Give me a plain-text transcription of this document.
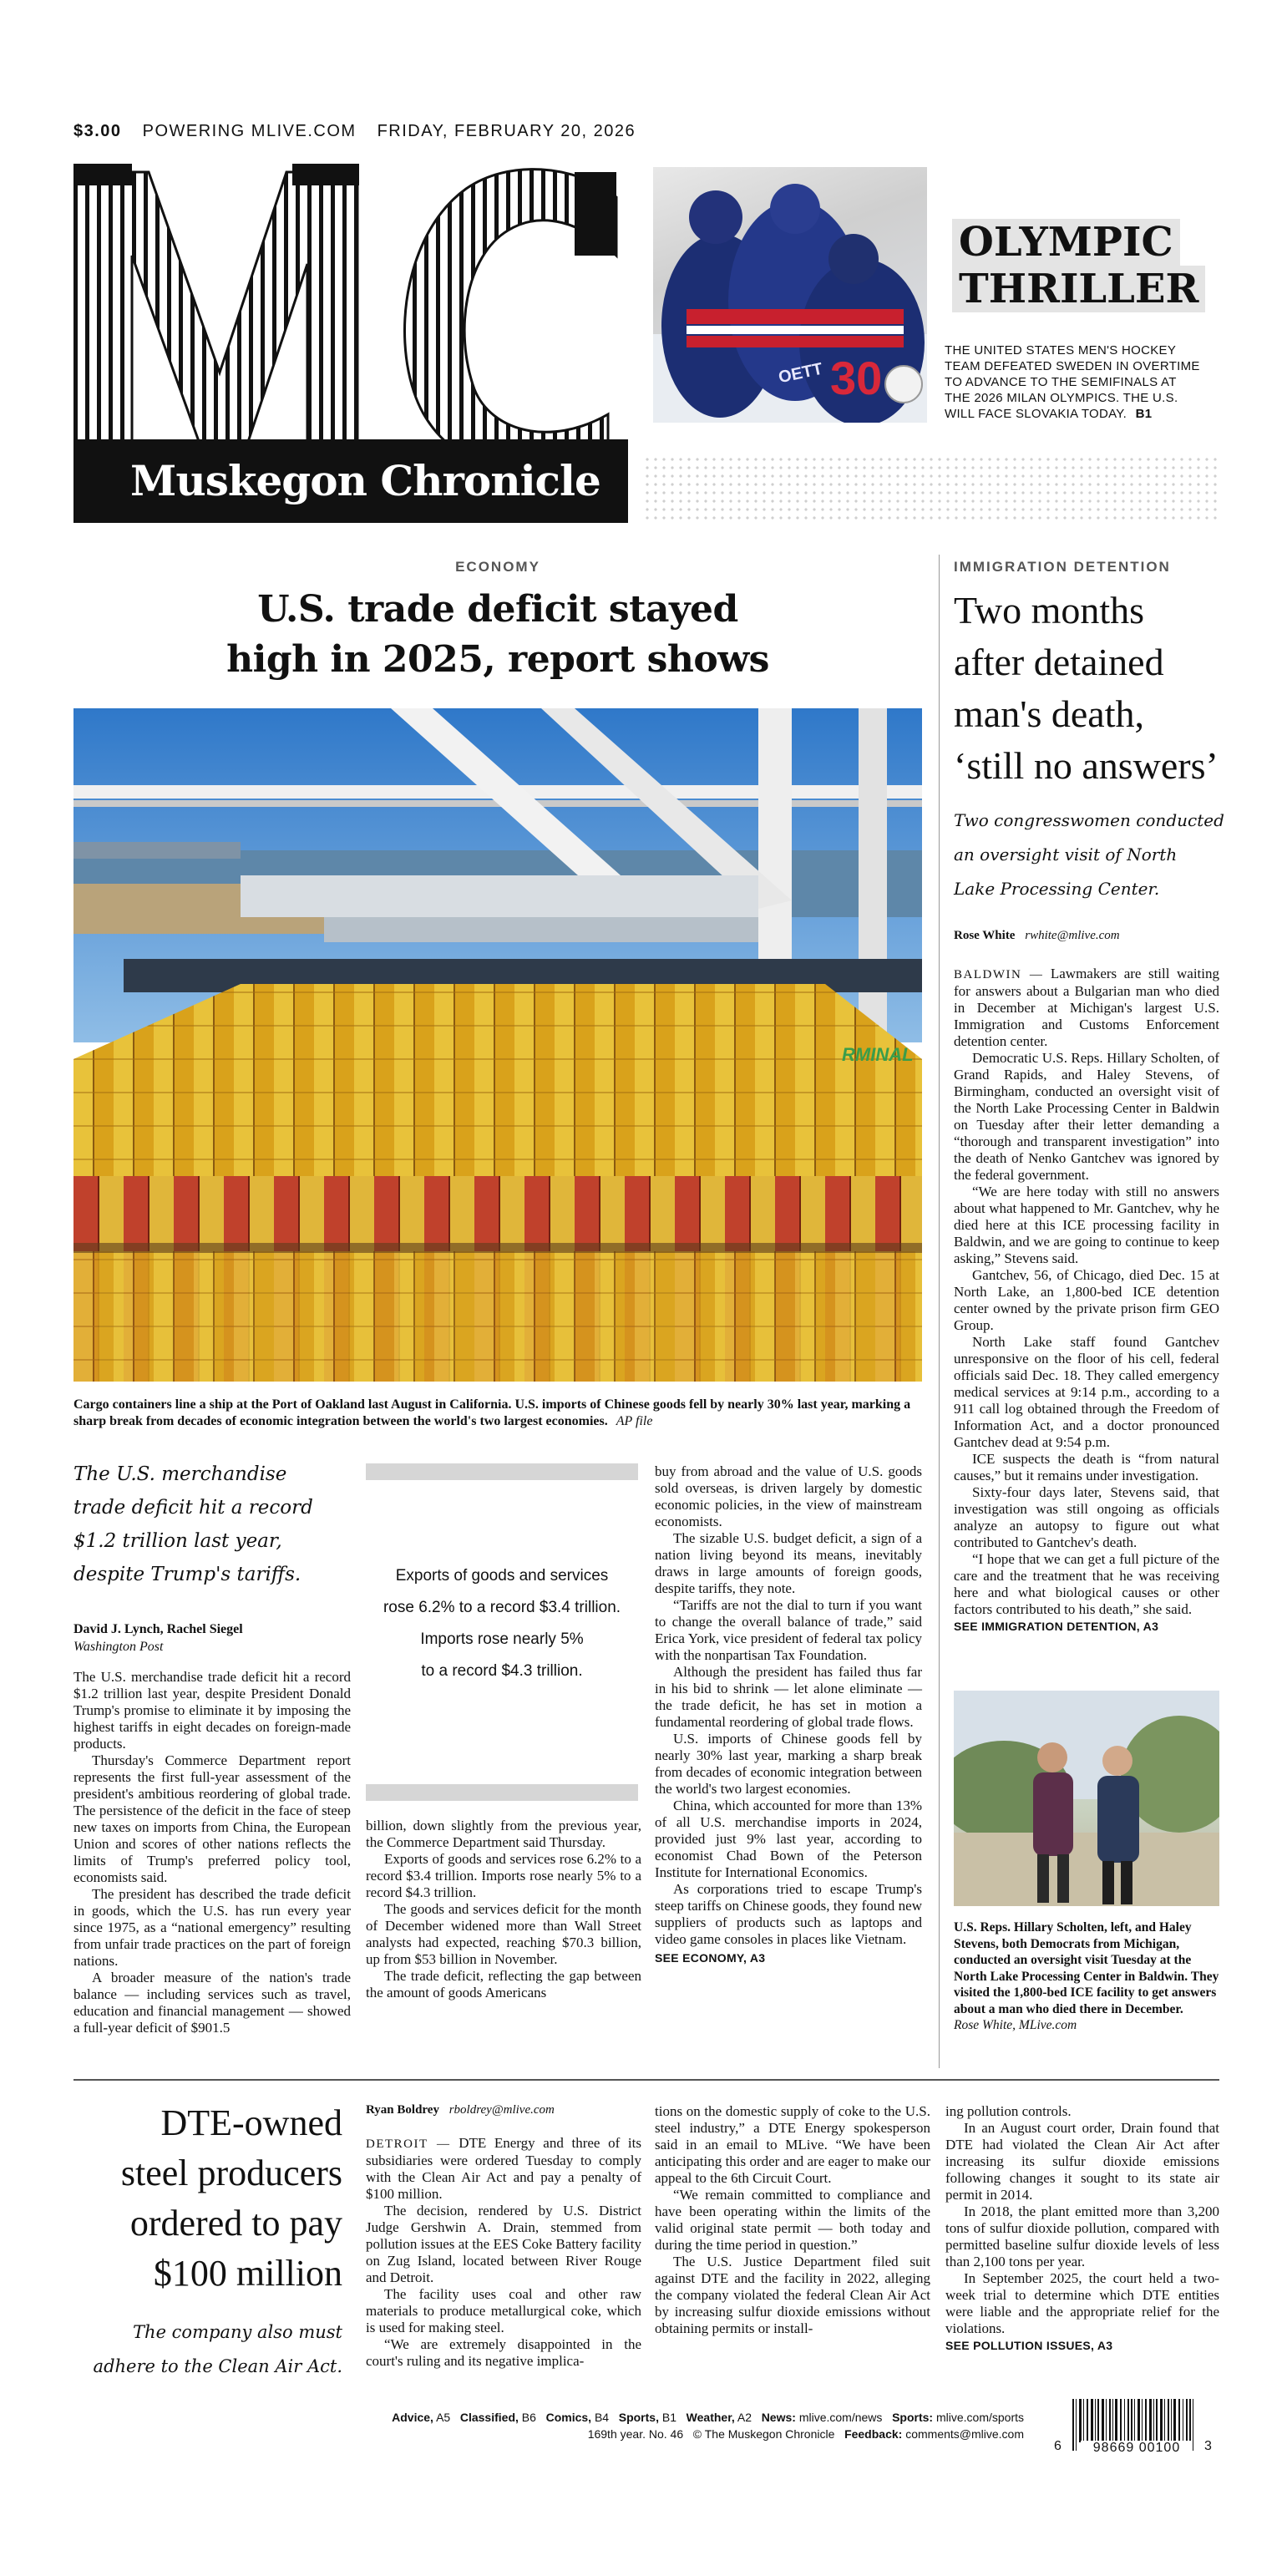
$3.00 POWERING MLIVE.COM FRIDAY, FEBRUARY 20, 2026
Muskegon Chronicle
30
OETT
OLYMPIC
THRILLER
THE UNITED STATES MEN'S HOCKEY TEAM DEFEATED SWEDEN IN OVERTIME TO ADVANCE TO THE SEMIFINALS AT THE 2026 MILAN OLYMPICS. THE U.S. WILL FACE SLOVAKIA TODAY. B1
ECONOMY
U.S. trade deficit stayed
high in 2025, report shows
RMINAL
Cargo containers line a ship at the Port of Oakland last August in California. U.S. imports of Chinese goods fell by nearly 30% last year, marking a sharp break from decades of economic integration between the world's two largest economies. AP file
The U.S. merchandise
trade deficit hit a record
$1.2 trillion last year,
despite Trump's tariffs.
David J. Lynch, Rachel Siegel
Washington Post

The U.S. merchandise trade deficit hit a record $1.2 trillion last year, despite President Donald Trump's promise to eliminate it by imposing the highest tariffs in eight decades on foreign-made products.

Thursday's Commerce Department report represents the first full-year assessment of the president's ambitious reordering of global trade. The persistence of the deficit in the face of steep new taxes on imports from China, the European Union and scores of other nations reflects the limits of Trump's preferred policy tool, economists said.

The president has described the trade deficit in goods, which the U.S. has run every year since 1975, as a “national emergency” resulting from unfair trade practices on the part of foreign nations.

A broader measure of the nation's trade balance — including services such as travel, education and financial management — showed a full-year deficit of $901.5

Exports of goods and services
rose 6.2% to a record $3.4 trillion.
Imports rose nearly 5%
to a record $4.3 trillion.

billion, down slightly from the previous year, the Commerce Department said Thursday.

Exports of goods and services rose 6.2% to a record $3.4 trillion. Imports rose nearly 5% to a record $4.3 trillion.

The goods and services deficit for the month of December widened more than Wall Street analysts had expected, reaching $70.3 billion, up from $53 billion in November.

The trade deficit, reflecting the gap between the amount of goods Americans

buy from abroad and the value of U.S. goods sold overseas, is driven largely by domestic economic policies, in the view of mainstream economists.

The sizable U.S. budget deficit, a sign of a nation living beyond its means, inevitably draws in large amounts of foreign goods, despite tariffs, they note.

“Tariffs are not the dial to turn if you want to change the overall balance of trade,” said Erica York, vice president of federal tax policy with the nonpartisan Tax Foundation.

Although the president has failed thus far in his bid to shrink — let alone eliminate — the trade deficit, he has set in motion a fundamental reordering of global trade flows.

U.S. imports of Chinese goods fell by nearly 30% last year, marking a sharp break from decades of economic integration between the world's two largest economies.

China, which accounted for more than 13% of all U.S. merchandise imports in 2024, provided just 9% last year, according to economist Chad Bown of the Peterson Institute for International Economics.

As corporations tried to escape Trump's steep tariffs on Chinese goods, they found new suppliers of products such as laptops and video game consoles in places like Vietnam.

SEE ECONOMY, A3
IMMIGRATION DETENTION
Two months
after detained
man's death,
‘still no answers’
Two congresswomen conducted
an oversight visit of North
Lake Processing Center.
Rose White rwhite@mlive.com

BALDWIN — Lawmakers are still waiting for answers about a Bulgarian man who died in December at Michigan's largest U.S. Immigration and Customs Enforcement detention center.

Democratic U.S. Reps. Hillary Scholten, of Grand Rapids, and Haley Stevens, of Birmingham, conducted an oversight visit of the North Lake Processing Center in Baldwin on Tuesday after their letter demanding a “thorough and transparent investigation” into the death of Nenko Gantchev was ignored by the federal government.

“We are here today with still no answers about what happened to Mr. Gantchev, why he died here at this ICE processing facility in Baldwin, and we are going to continue to keep asking,” Stevens said.

Gantchev, 56, of Chicago, died Dec. 15 at North Lake, an 1,800-bed ICE detention center owned by the private prison firm GEO Group.

North Lake staff found Gantchev unresponsive on the floor of his cell, federal officials said Dec. 18. They called emergency medical services at 9:14 p.m., according to a 911 call log obtained through the Freedom of Information Act, and a doctor pronounced Gantchev dead at 9:54 p.m.

ICE suspects the death is “from natural causes,” but it remains under investigation.

Sixty-four days later, Stevens said, that investigation was still ongoing as officials analyze an autopsy to figure out what contributed to Gantchev's death.

“I hope that we can get a full picture of the care and the treatment that he was receiving here and what biological causes or other factors contributed to his death,” she said.

SEE IMMIGRATION DETENTION, A3
U.S. Reps. Hillary Scholten, left, and Haley Stevens, both Democrats from Michigan, conducted an oversight visit Tuesday at the North Lake Processing Center in Baldwin. They visited the 1,800-bed ICE facility to get answers about a man who died there in December.
Rose White, MLive.com
DTE-owned
steel producers
ordered to pay
$100 million
The company also must
adhere to the Clean Air Act.
Ryan Boldrey rboldrey@mlive.com

DETROIT — DTE Energy and three of its subsidiaries were ordered Tuesday to comply with the Clean Air Act and pay a penalty of $100 million.

The decision, rendered by U.S. District Judge Gershwin A. Drain, stemmed from pollution issues at the EES Coke Battery facility on Zug Island, located between River Rouge and Detroit.

The facility uses coal and other raw materials to produce metallurgical coke, which is used for making steel.

“We are extremely disappointed in the court's ruling and its negative implica-

tions on the domestic supply of coke to the U.S. steel industry,” a DTE Energy spokesperson said in an email to MLive. “We have been anticipating this order and are eager to make our appeal to the 6th Circuit Court.

“We remain committed to compliance and have been operating within the limits of the valid original state permit — both today and during the time period in question.”

The U.S. Justice Department filed suit against DTE and the facility in 2022, alleging the company violated the federal Clean Air Act by increasing sulfur dioxide emissions without obtaining permits or install-

ing pollution controls.

In an August court order, Drain found that DTE had violated the Clean Air Act after increasing its sulfur dioxide emissions following changes it sought to its state air permit in 2014.

In 2018, the plant emitted more than 3,200 tons of sulfur dioxide pollution, compared with permitted baseline sulfur dioxide levels of less than 2,100 tons per year.

In September 2025, the court held a two-week trial to determine which DTE entities were liable and the appropriate relief for the violations.

SEE POLLUTION ISSUES, A3
Advice, A5 Classified, B6 Comics, B4 Sports, B1 Weather, A2 News: mlive.com/news Sports: mlive.com/sports
169th year. No. 46 © The Muskegon Chronicle Feedback: comments@mlive.com
6	98669 00100	3
